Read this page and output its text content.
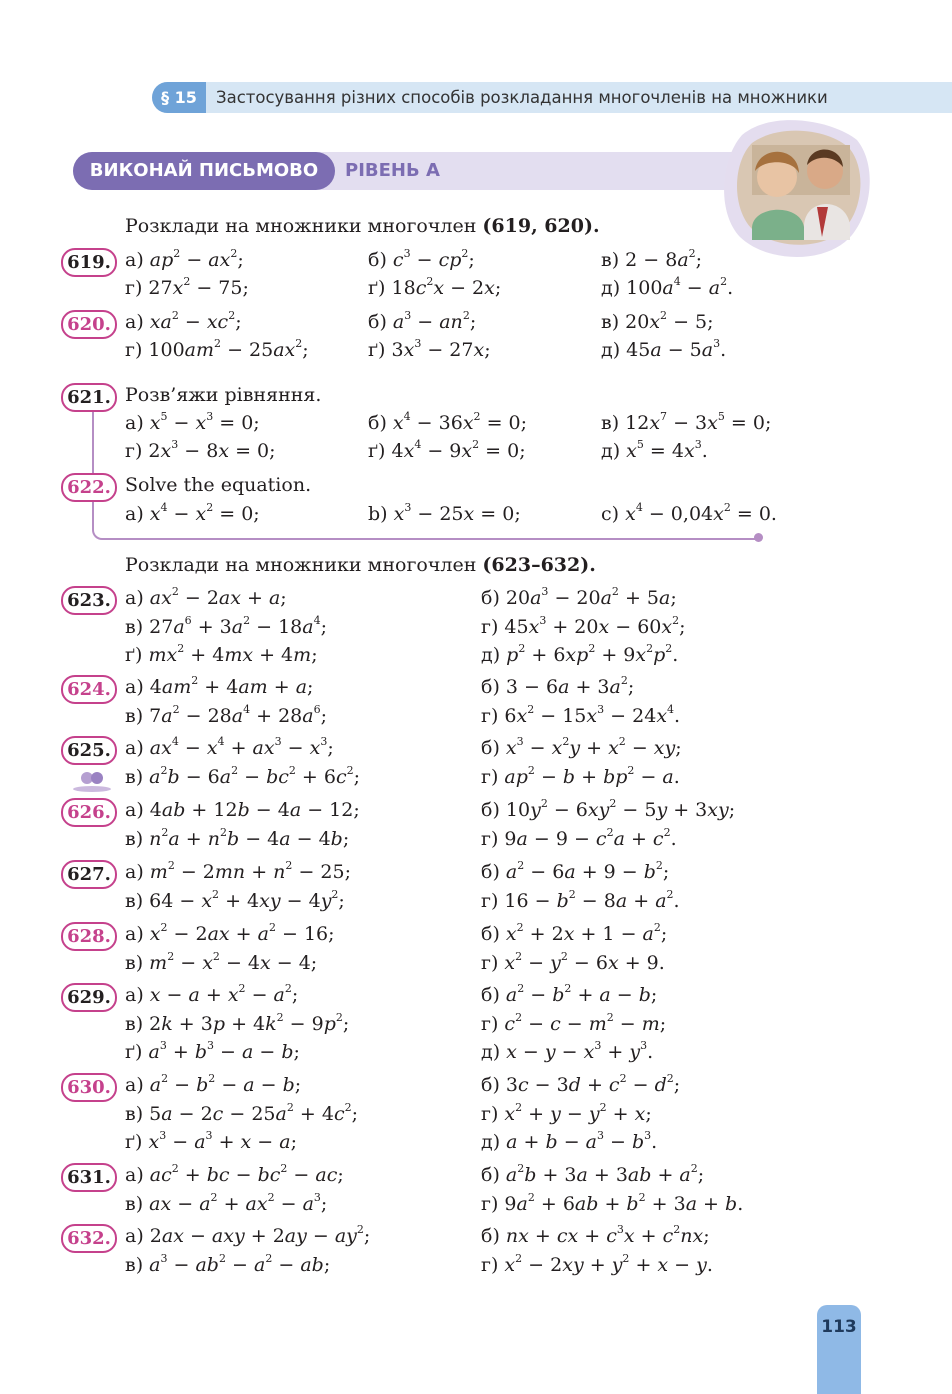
§ 15	Застосування різних способів розкладання многочленів на множники
ВИКОНАЙ ПИСЬМОВО	РІВЕНЬ А
Розклади на множники многочлен (619, 620).
619. а) $ap^2 - ax^2$;	б) $c^3 - cp^2$;	в) $2 - 8a^2$;
г) $27x^2 - 75$;	ґ) $18c^2x - 2x$;	д) $100a^4 - a^2$.
620. а) $xa^2 - xc^2$;	б) $a^3 - an^2$;	в) $20x^2 - 5$;
г) $100am^2 - 25ax^2$;	ґ) $3x^3 - 27x$;	д) $45a - 5a^3$.
621. Розв’яжи рівняння.
а) $x^5 - x^3 = 0$;	б) $x^4 - 36x^2 = 0$;	в) $12x^7 - 3x^5 = 0$;
г) $2x^3 - 8x = 0$;	ґ) $4x^4 - 9x^2 = 0$;	д) $x^5 = 4x^3$.
622. Solve the equation.
a) $x^4 - x^2 = 0$;	b) $x^3 - 25x = 0$;	c) $x^4 - 0,04x^2 = 0$.
Розклади на множники многочлен (623–632).
623. а) $ax^2 - 2ax + a$;	б) $20a^3 - 20a^2 + 5a$;
в) $27a^6 + 3a^2 - 18a^4$;	г) $45x^3 + 20x - 60x^2$;
ґ) $mx^2 + 4mx + 4m$;	д) $p^2 + 6xp^2 + 9x^2p^2$.
624. а) $4am^2 + 4am + a$;	б) $3 - 6a + 3a^2$;
в) $7a^2 - 28a^4 + 28a^6$;	г) $6x^2 - 15x^3 - 24x^4$.
625. а) $ax^4 - x^4 + ax^3 - x^3$;	б) $x^3 - x^2y + x^2$ − xy;
в) $a^2b - 6a^2 - bc^2 + 6c^2$;	г) $ap^2 - b + bp^2 - a$.
626. а) 4ab + 12b − 4a − 12;	б) $10y^2 - 6xy^2 - 5y + 3xy$;
в) $n^2a + n^2b - 4a - 4b$;	г) $9a - 9 - c^2a + c^2$.
627. а) $m^2 - 2mn + n^2 - 25$;	б) $a^2 - 6a + 9 - b^2$;
в) $64 - x^2 + 4xy - 4y^2$;	г) $16 - b^2 - 8a + a^2$.
628. а) $x^2 - 2ax + a^2 - 16$;	б) $x^2 + 2x + 1 - a^2$;
в) $m^2 - x^2 - 4x - 4$;	г) $x^2 - y^2 - 6x + 9$.
629. а) $x - a + x^2 - a^2$;	б) $a^2 - b^2 + a - b$;
в) $2k + 3p + 4k^2 - 9p^2$;	г) $c^2 - c - m^2 - m$;
ґ) $a^3 + b^3 - a - b$;	д) $x - y - x^3 + y^3$.
630. а) $a^2 - b^2 - a - b$;	б) $3c - 3d + c^2 - d^2$;
в) $5a - 2c - 25a^2 + 4c^2$;	г) $x^2 + y - y^2 + x$;
ґ) $x^3 - a^3 + x - a$;	д) $a + b - a^3 - b^3$.
631. а) $ac^2$ + bc − $bc^2$ − ac;	б) $a^2b + 3a + 3ab + a^2$;
в) ax − $a^2 + ax^2 - a^3$;	г) $9a^2 + 6ab + b^2 + 3a + b$.
632. а) 2ax − axy + $2ay - ay^2$;	б) nx + cx + $c^3x + c^2nx$;
в) $a^3 - ab^2 - a^2$ − ab;	г) $x^2 - 2xy + y^2 + x - y$.
113
